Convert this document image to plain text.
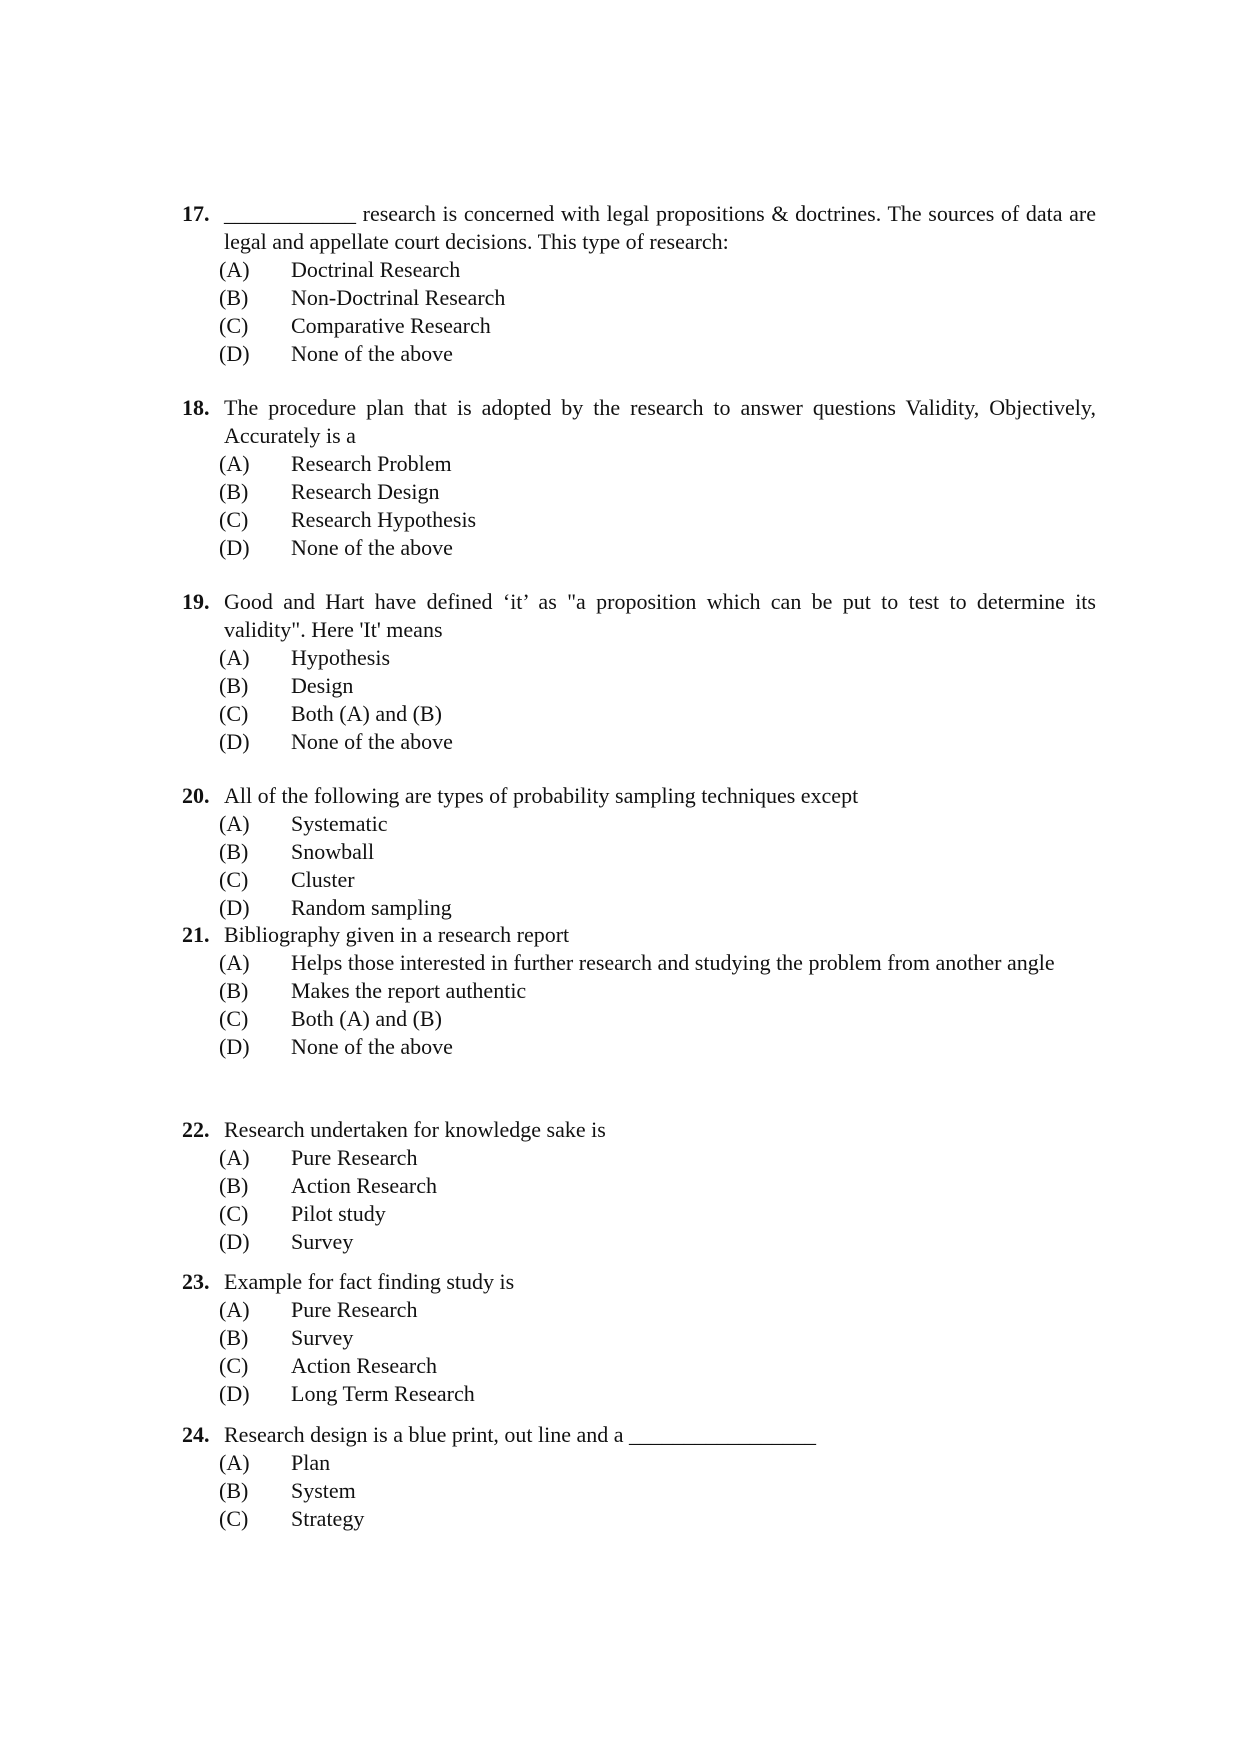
17. ____________ research is concerned with legal propositions & doctrines. The sources of data are legal and appellate court decisions. This type of research:
(A) Doctrinal Research
(B) Non-Doctrinal Research
(C) Comparative Research
(D) None of the above
18. The procedure plan that is adopted by the research to answer questions Validity, Objectively, Accurately is a
(A) Research Problem
(B) Research Design
(C) Research Hypothesis
(D) None of the above
19. Good and Hart have defined ‘it’ as "a proposition which can be put to test to determine its validity". Here 'It' means
(A) Hypothesis
(B) Design
(C) Both (A) and (B)
(D) None of the above
20. All of the following are types of probability sampling techniques except
(A) Systematic
(B) Snowball
(C) Cluster
(D) Random sampling
21. Bibliography given in a research report
(A) Helps those interested in further research and studying the problem from another angle
(B) Makes the report authentic
(C) Both (A) and (B)
(D) None of the above
22. Research undertaken for knowledge sake is
(A) Pure Research
(B) Action Research
(C) Pilot study
(D) Survey
23. Example for fact finding study is
(A) Pure Research
(B) Survey
(C) Action Research
(D) Long Term Research
24. Research design is a blue print, out line and a _________________
(A) Plan
(B) System
(C) Strategy
